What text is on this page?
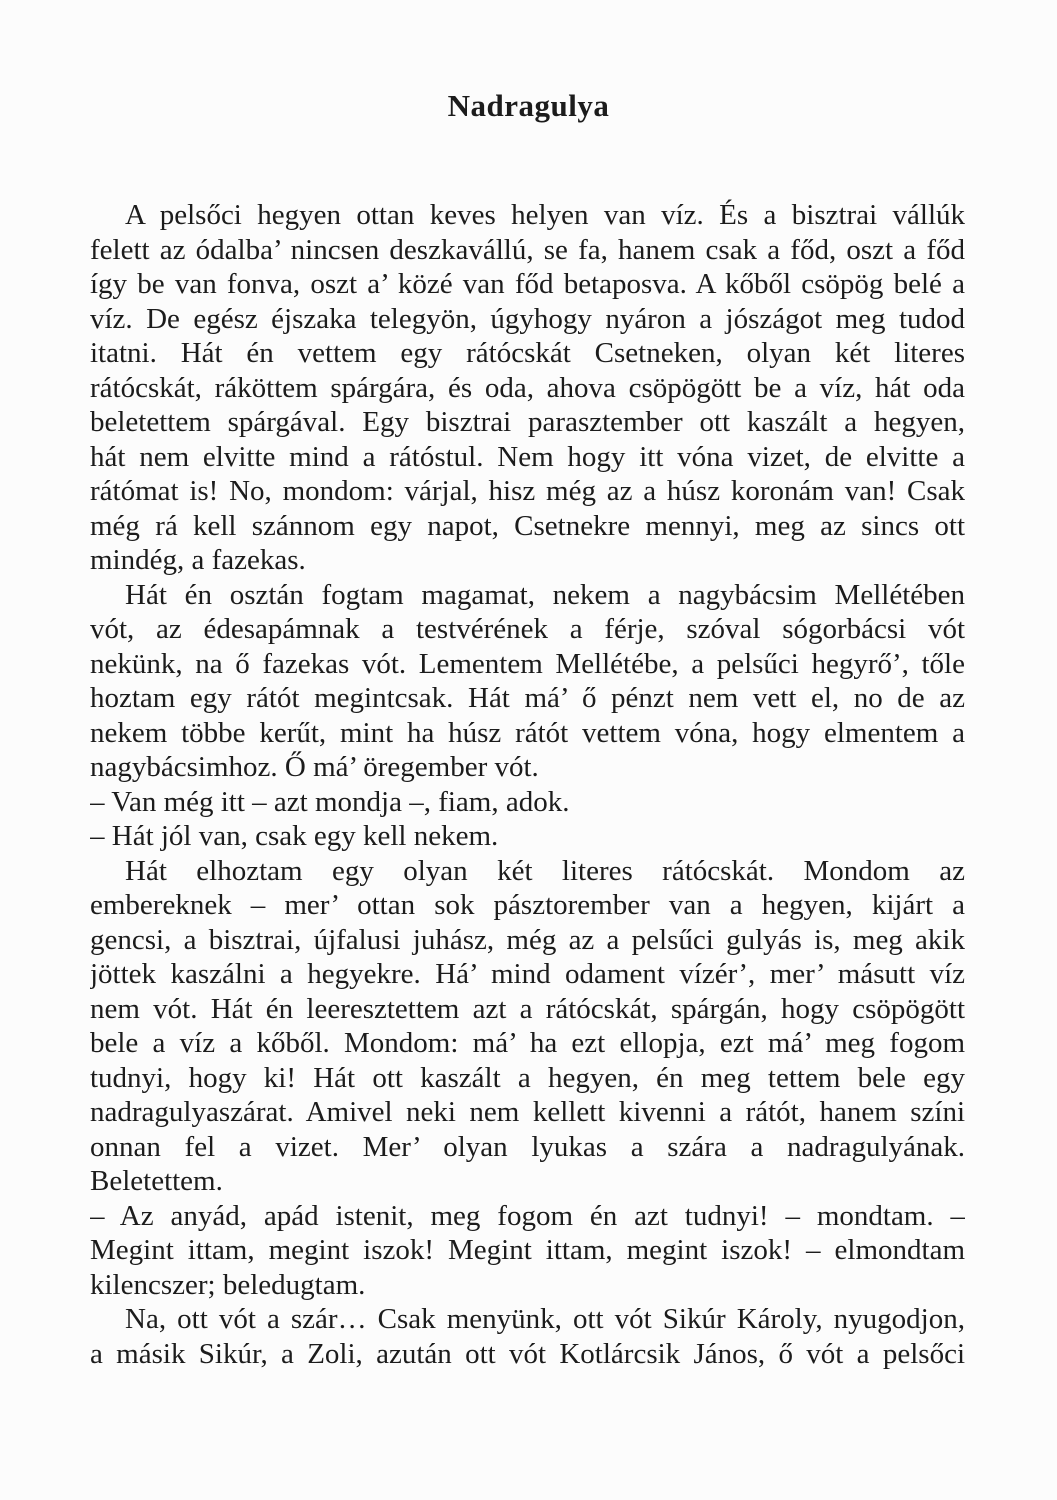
Nadragulya
A pelsőci hegyen ottan keves helyen van víz. És a bisztrai vállúk
felett az ódalba’ nincsen deszkavállú, se fa, hanem csak a főd, oszt a főd
így be van fonva, oszt a’ közé van főd betaposva. A kőből csöpög belé a
víz. De egész éjszaka telegyön, úgyhogy nyáron a jószágot meg tudod
itatni. Hát én vettem egy rátócskát Csetneken, olyan két literes
rátócskát, ráköttem spárgára, és oda, ahova csöpögött be a víz, hát oda
beletettem spárgával. Egy bisztrai parasztember ott kaszált a hegyen,
hát nem elvitte mind a rátóstul. Nem hogy itt vóna vizet, de elvitte a
rátómat is! No, mondom: várjal, hisz még az a húsz koronám van! Csak
még rá kell szánnom egy napot, Csetnekre mennyi, meg az sincs ott
mindég, a fazekas.
Hát én osztán fogtam magamat, nekem a nagybácsim Mellétében
vót, az édesapámnak a testvérének a férje, szóval sógorbácsi vót
nekünk, na ő fazekas vót. Lementem Mellétébe, a pelsűci hegyrő’, tőle
hoztam egy rátót megintcsak. Hát má’ ő pénzt nem vett el, no de az
nekem többe kerűt, mint ha húsz rátót vettem vóna, hogy elmentem a
nagybácsimhoz. Ő má’ öregember vót.
– Van még itt – azt mondja –, fiam, adok.
– Hát jól van, csak egy kell nekem.
Hát elhoztam egy olyan két literes rátócskát. Mondom az
embereknek – mer’ ottan sok pásztorember van a hegyen, kijárt a
gencsi, a bisztrai, újfalusi juhász, még az a pelsűci gulyás is, meg akik
jöttek kaszálni a hegyekre. Há’ mind odament vízér’, mer’ másutt víz
nem vót. Hát én leeresztettem azt a rátócskát, spárgán, hogy csöpögött
bele a víz a kőből. Mondom: má’ ha ezt ellopja, ezt má’ meg fogom
tudnyi, hogy ki! Hát ott kaszált a hegyen, én meg tettem bele egy
nadragulyaszárat. Amivel neki nem kellett kivenni a rátót, hanem színi
onnan fel a vizet. Mer’ olyan lyukas a szára a nadragulyának.
Beletettem.
– Az anyád, apád istenit, meg fogom én azt tudnyi! – mondtam. –
Megint ittam, megint iszok! Megint ittam, megint iszok! – elmondtam
kilencszer; beledugtam.
Na, ott vót a szár… Csak menyünk, ott vót Sikúr Károly, nyugodjon,
a másik Sikúr, a Zoli, azután ott vót Kotlárcsik János, ő vót a pelsőci
